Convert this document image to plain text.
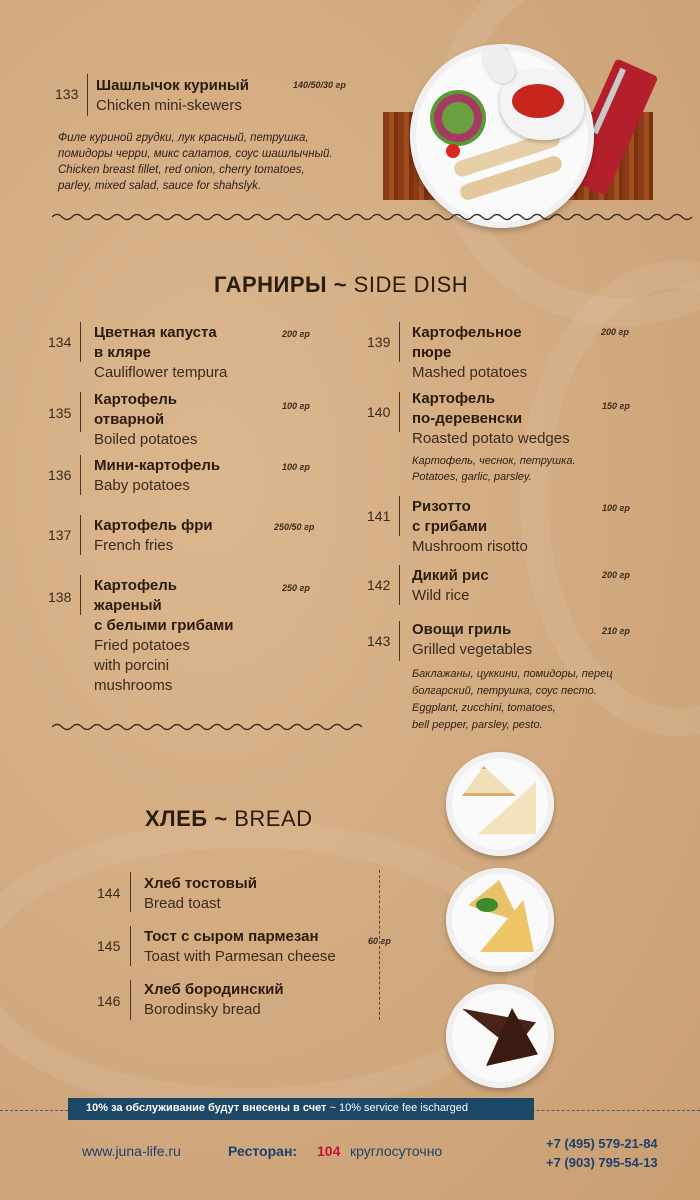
133 Шашлычок куриный
Chicken mini-skewers
140/50/30 гр
Филе куриной грудки, лук красный, петрушка,
помидоры черри, микс салатов, соус шашлычный.
Chicken breast fillet, red onion, cherry tomatoes,
parley, mixed salad, sauce for shahslyk.
ГАРНИРЫ ~ SIDE DISH
134
Цветная капуста
в кляре
Cauliflower tempura
200 гр
135
Картофель
отварной
Boiled potatoes
100 гр
136
Мини-картофель
Baby potatoes
100 гр
137
Картофель фри
French fries
250/50 гр
138
Картофель
жареный
с белыми грибами
Fried potatoes
with porcini
mushrooms
250 гр
139
Картофельное
пюре
Mashed potatoes
200 гр
140
Картофель
по-деревенски
Roasted potato wedges
150 гр
Картофель, чеснок, петрушка.
Potatoes, garlic, parsley.
141
Ризотто
с грибами
Mushroom risotto
100 гр
142
Дикий рис
Wild rice
200 гр
143
Овощи гриль
Grilled vegetables
210 гр
Баклажаны, цуккини, помидоры, перец
болгарский, петрушка, соус песто.
Eggplant, zucchini, tomatoes,
bell pepper, parsley, pesto.
ХЛЕБ ~ BREAD
144
Хлеб тостовый
Bread toast
145
Тост с сыром пармезан
Toast with Parmesan cheese
146
Хлеб бородинский
Borodinsky bread
60 гр
10% за обслуживание будут внесены в счет ~ 10% service fee ischarged
www.juna-life.ru	Ресторан: 104 круглосуточно	+7 (495) 579-21-84
+7 (903) 795-54-13
